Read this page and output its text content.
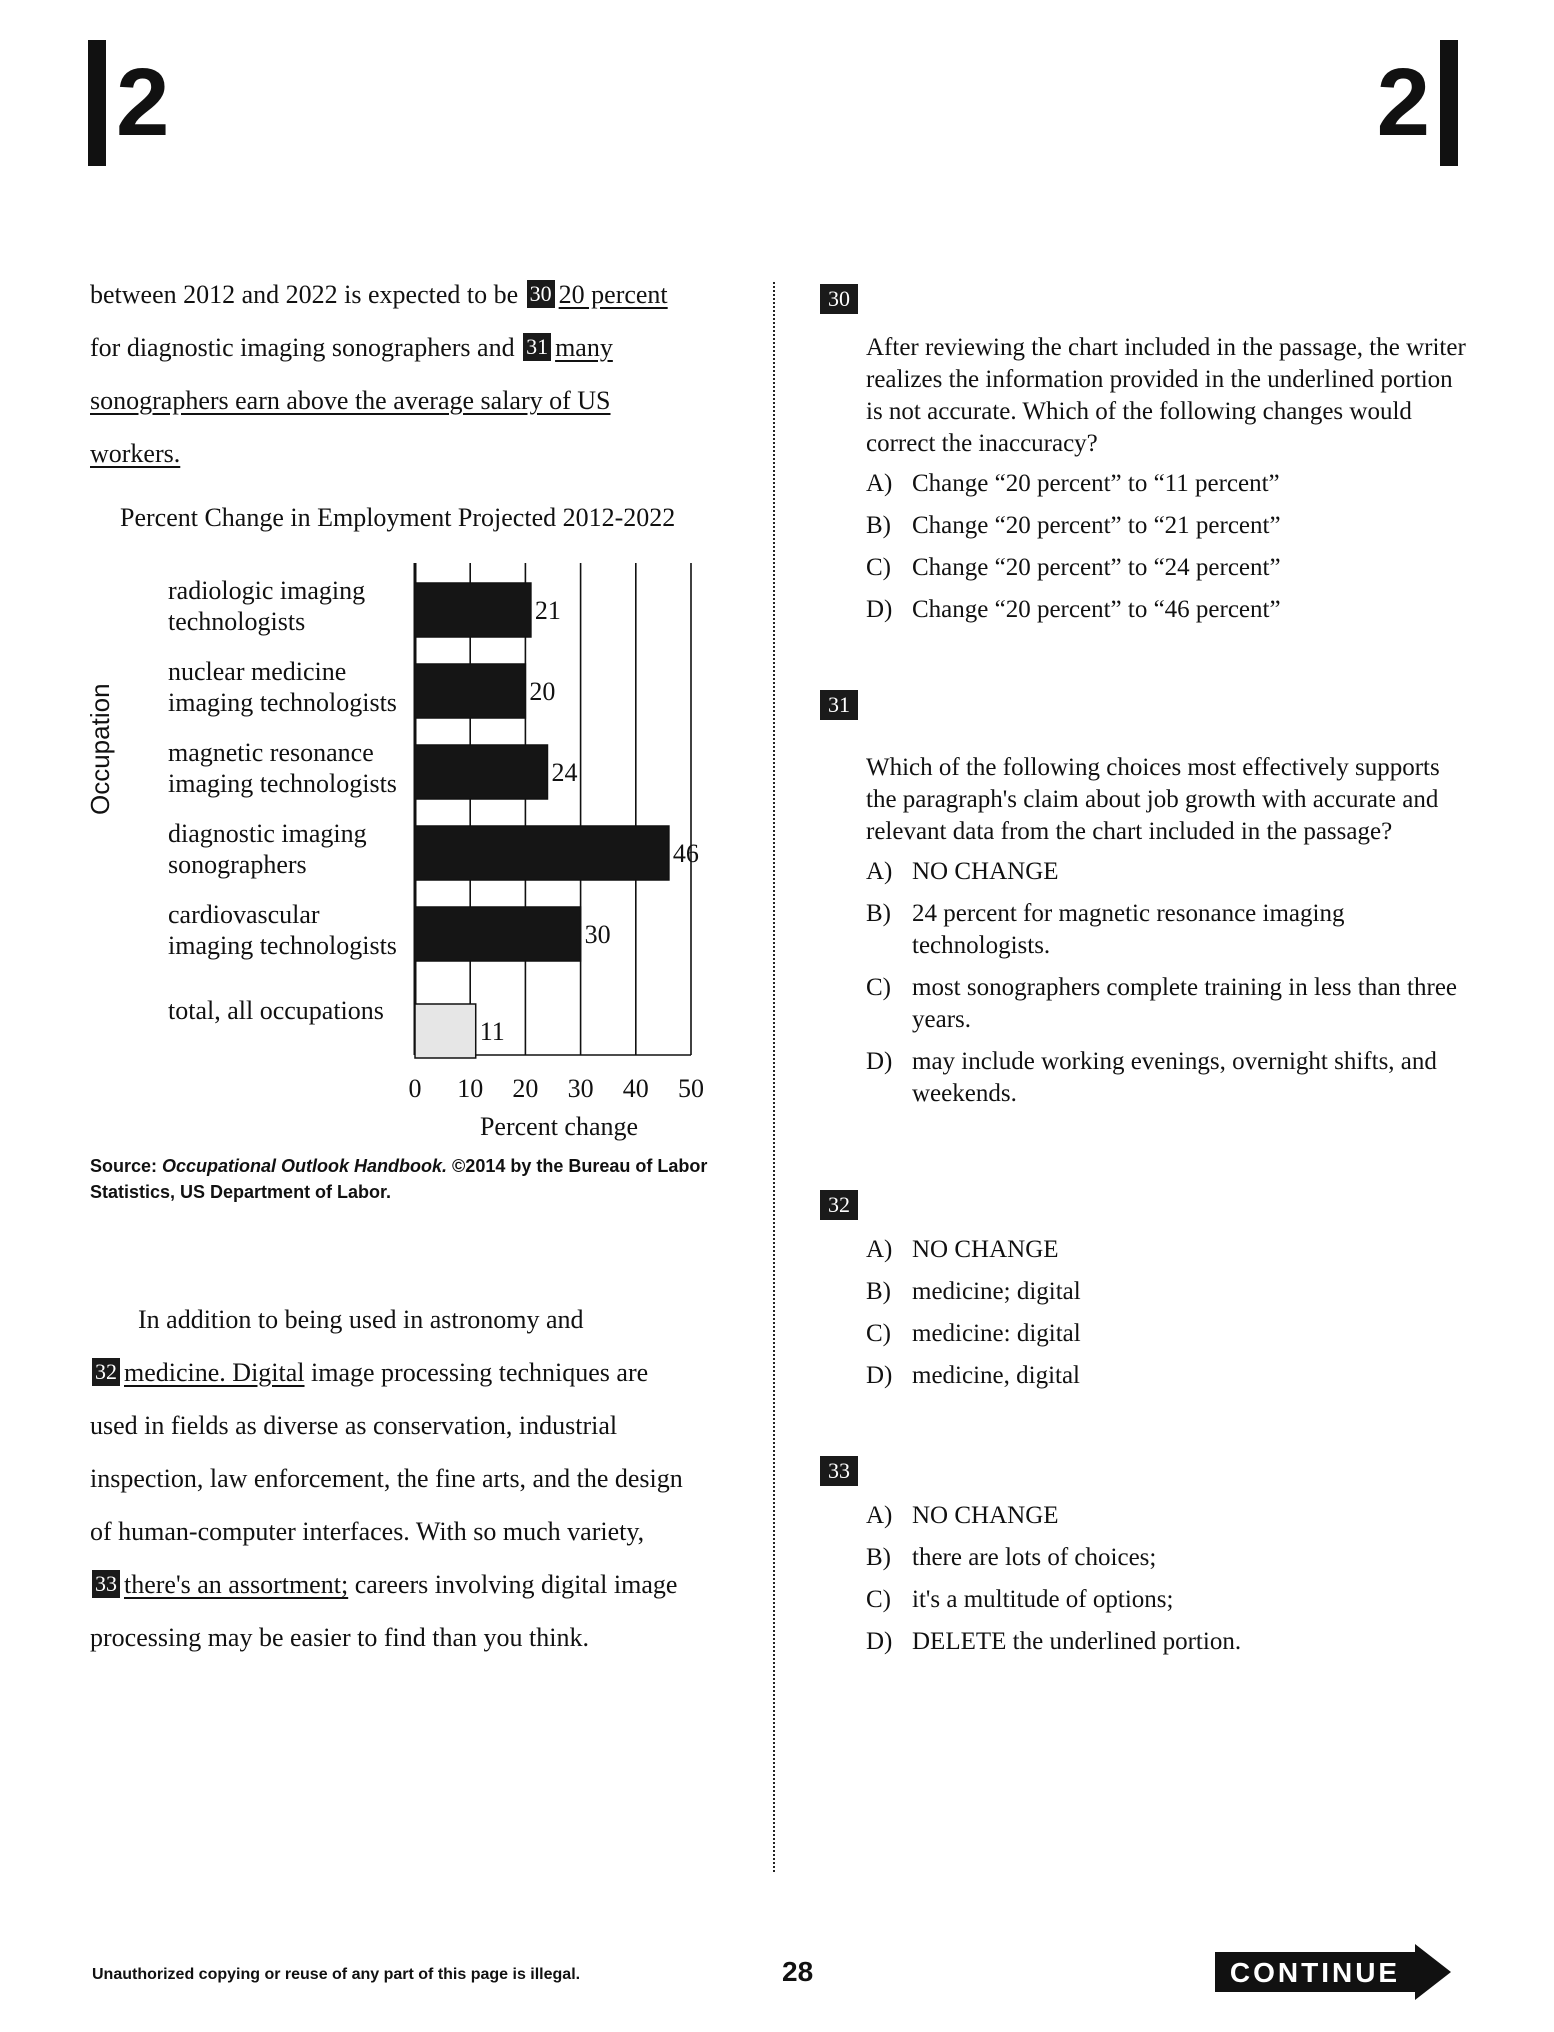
2	2
between 2012 and 2022 is expected to be 30 20 percent
for diagnostic imaging sonographers and 31 many
sonographers earn above the average salary of US
workers.
Percent Change in Employment Projected 2012-2022
Occupation
radiologic imaging
technologists
nuclear medicine
imaging technologists
magnetic resonance
imaging technologists
diagnostic imaging
sonographers
cardiovascular
imaging technologists
total, all occupations
0 10 20 30 40 50
21
20
24
46
30
11
Percent change
Source: Occupational Outlook Handbook. ©2014 by the Bureau of Labor Statistics, US Department of Labor.
In addition to being used in astronomy and
32 medicine. Digital image processing techniques are
used in fields as diverse as conservation, industrial
inspection, law enforcement, the fine arts, and the design
of human-computer interfaces. With so much variety,
33 there's an assortment; careers involving digital image
processing may be easier to find than you think.
30
After reviewing the chart included in the passage, the writer realizes the information provided in the underlined portion is not accurate. Which of the following changes would correct the inaccuracy?
A) Change “20 percent” to “11 percent”
B) Change “20 percent” to “21 percent”
C) Change “20 percent” to “24 percent”
D) Change “20 percent” to “46 percent”
31
Which of the following choices most effectively supports the paragraph's claim about job growth with accurate and relevant data from the chart included in the passage?
A) NO CHANGE
B) 24 percent for magnetic resonance imaging technologists.
C) most sonographers complete training in less than three years.
D) may include working evenings, overnight shifts, and weekends.
32
A) NO CHANGE
B) medicine; digital
C) medicine: digital
D) medicine, digital
33
A) NO CHANGE
B) there are lots of choices;
C) it's a multitude of options;
D) DELETE the underlined portion.
Unauthorized copying or reuse of any part of this page is illegal.	28	CONTINUE
